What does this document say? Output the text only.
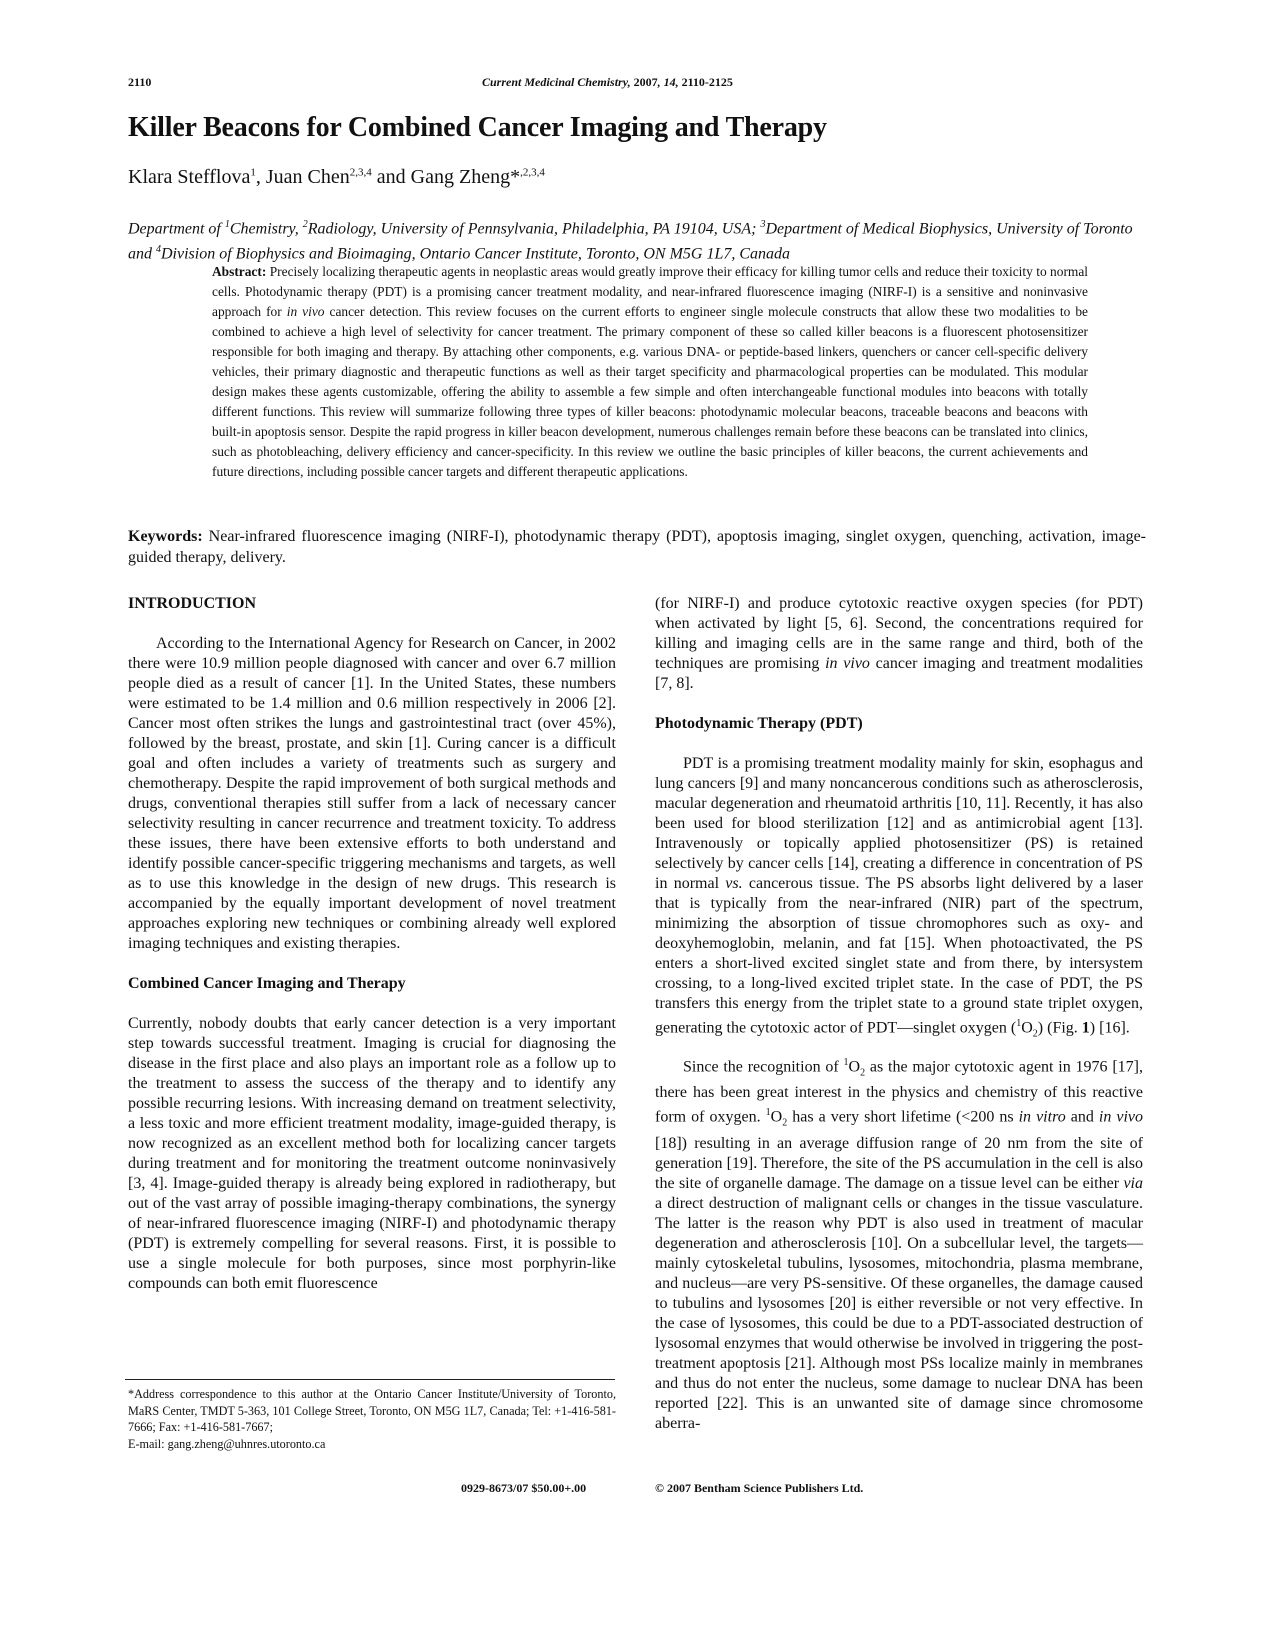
2110	Current Medicinal Chemistry, 2007, 14, 2110-2125
Killer Beacons for Combined Cancer Imaging and Therapy
Klara Stefflova$^1$, Juan Chen$^{2,3,4}$ and Gang Zheng*$^{,2,3,4}$
Department of $^1$Chemistry, $^2$Radiology, University of Pennsylvania, Philadelphia, PA 19104, USA; $^3$Department of Medical Biophysics, University of Toronto and $^4$Division of Biophysics and Bioimaging, Ontario Cancer Institute, Toronto, ON M5G 1L7, Canada
Abstract: Precisely localizing therapeutic agents in neoplastic areas would greatly improve their efficacy for killing tumor cells and reduce their toxicity to normal cells. Photodynamic therapy (PDT) is a promising cancer treatment modality, and near-infrared fluorescence imaging (NIRF-I) is a sensitive and noninvasive approach for in vivo cancer detection. This review focuses on the current efforts to engineer single molecule constructs that allow these two modalities to be combined to achieve a high level of selectivity for cancer treatment. The primary component of these so called killer beacons is a fluorescent photosensitizer responsible for both imaging and therapy. By attaching other components, e.g. various DNA- or peptide-based linkers, quenchers or cancer cell-specific delivery vehicles, their primary diagnostic and therapeutic functions as well as their target specificity and pharmacological properties can be modulated. This modular design makes these agents customizable, offering the ability to assemble a few simple and often interchangeable functional modules into beacons with totally different functions. This review will summarize following three types of killer beacons: photodynamic molecular beacons, traceable beacons and beacons with built-in apoptosis sensor. Despite the rapid progress in killer beacon development, numerous challenges remain before these beacons can be translated into clinics, such as photobleaching, delivery efficiency and cancer-specificity. In this review we outline the basic principles of killer beacons, the current achievements and future directions, including possible cancer targets and different therapeutic applications.
Keywords: Near-infrared fluorescence imaging (NIRF-I), photodynamic therapy (PDT), apoptosis imaging, singlet oxygen, quenching, activation, image-guided therapy, delivery.
INTRODUCTION

According to the International Agency for Research on Cancer, in 2002 there were 10.9 million people diagnosed with cancer and over 6.7 million people died as a result of cancer [1]. In the United States, these numbers were estimated to be 1.4 million and 0.6 million respectively in 2006 [2]. Cancer most often strikes the lungs and gastrointestinal tract (over 45%), followed by the breast, prostate, and skin [1]. Curing cancer is a difficult goal and often includes a variety of treatments such as surgery and chemotherapy. Despite the rapid improvement of both surgical methods and drugs, conventional therapies still suffer from a lack of necessary cancer selectivity resulting in cancer recurrence and treatment toxicity. To address these issues, there have been extensive efforts to both understand and identify possible cancer-specific triggering mechanisms and targets, as well as to use this knowledge in the design of new drugs. This research is accompanied by the equally important development of novel treatment approaches exploring new techniques or combining already well explored imaging techniques and existing therapies.

Combined Cancer Imaging and Therapy

Currently, nobody doubts that early cancer detection is a very important step towards successful treatment. Imaging is crucial for diagnosing the disease in the first place and also plays an important role as a follow up to the treatment to assess the success of the therapy and to identify any possible recurring lesions. With increasing demand on treatment selectivity, a less toxic and more efficient treatment modality, image-guided therapy, is now recognized as an excellent method both for localizing cancer targets during treatment and for monitoring the treatment outcome noninvasively [3, 4]. Image-guided therapy is already being explored in radiotherapy, but out of the vast array of possible imaging-therapy combinations, the synergy of near-infrared fluorescence imaging (NIRF-I) and photodynamic therapy (PDT) is extremely compelling for several reasons. First, it is possible to use a single molecule for both purposes, since most porphyrin-like compounds can both emit fluorescence

(for NIRF-I) and produce cytotoxic reactive oxygen species (for PDT) when activated by light [5, 6]. Second, the concentrations required for killing and imaging cells are in the same range and third, both of the techniques are promising in vivo cancer imaging and treatment modalities [7, 8].

Photodynamic Therapy (PDT)

PDT is a promising treatment modality mainly for skin, esophagus and lung cancers [9] and many noncancerous conditions such as atherosclerosis, macular degeneration and rheumatoid arthritis [10, 11]. Recently, it has also been used for blood sterilization [12] and as antimicrobial agent [13]. Intravenously or topically applied photosensitizer (PS) is retained selectively by cancer cells [14], creating a difference in concentration of PS in normal vs. cancerous tissue. The PS absorbs light delivered by a laser that is typically from the near-infrared (NIR) part of the spectrum, minimizing the absorption of tissue chromophores such as oxy- and deoxyhemoglobin, melanin, and fat [15]. When photoactivated, the PS enters a short-lived excited singlet state and from there, by intersystem crossing, to a long-lived excited triplet state. In the case of PDT, the PS transfers this energy from the triplet state to a ground state triplet oxygen, generating the cytotoxic actor of PDT—singlet oxygen $(^1O_2)$ (Fig. 1) [16].

Since the recognition of $^1O_2$ as the major cytotoxic agent in 1976 [17], there has been great interest in the physics and chemistry of this reactive form of oxygen. $^1O_2$ has a very short lifetime (<200 ns in vitro and in vivo [18]) resulting in an average diffusion range of 20 nm from the site of generation [19]. Therefore, the site of the PS accumulation in the cell is also the site of organelle damage. The damage on a tissue level can be either via a direct destruction of malignant cells or changes in the tissue vasculature. The latter is the reason why PDT is also used in treatment of macular degeneration and atherosclerosis [10]. On a subcellular level, the targets—mainly cytoskeletal tubulins, lysosomes, mitochondria, plasma membrane, and nucleus—are very PS-sensitive. Of these organelles, the damage caused to tubulins and lysosomes [20] is either reversible or not very effective. In the case of lysosomes, this could be due to a PDT-associated destruction of lysosomal enzymes that would otherwise be involved in triggering the post-treatment apoptosis [21]. Although most PSs localize mainly in membranes and thus do not enter the nucleus, some damage to nuclear DNA has been reported [22]. This is an unwanted site of damage since chromosome aberra-

*Address correspondence to this author at the Ontario Cancer Institute/University of Toronto, MaRS Center, TMDT 5-363, 101 College Street, Toronto, ON M5G 1L7, Canada; Tel: +1-416-581-7666; Fax: +1-416-581-7667;
E-mail: gang.zheng@uhnres.utoronto.ca
0929-8673/07 $50.00+.00	© 2007 Bentham Science Publishers Ltd.
